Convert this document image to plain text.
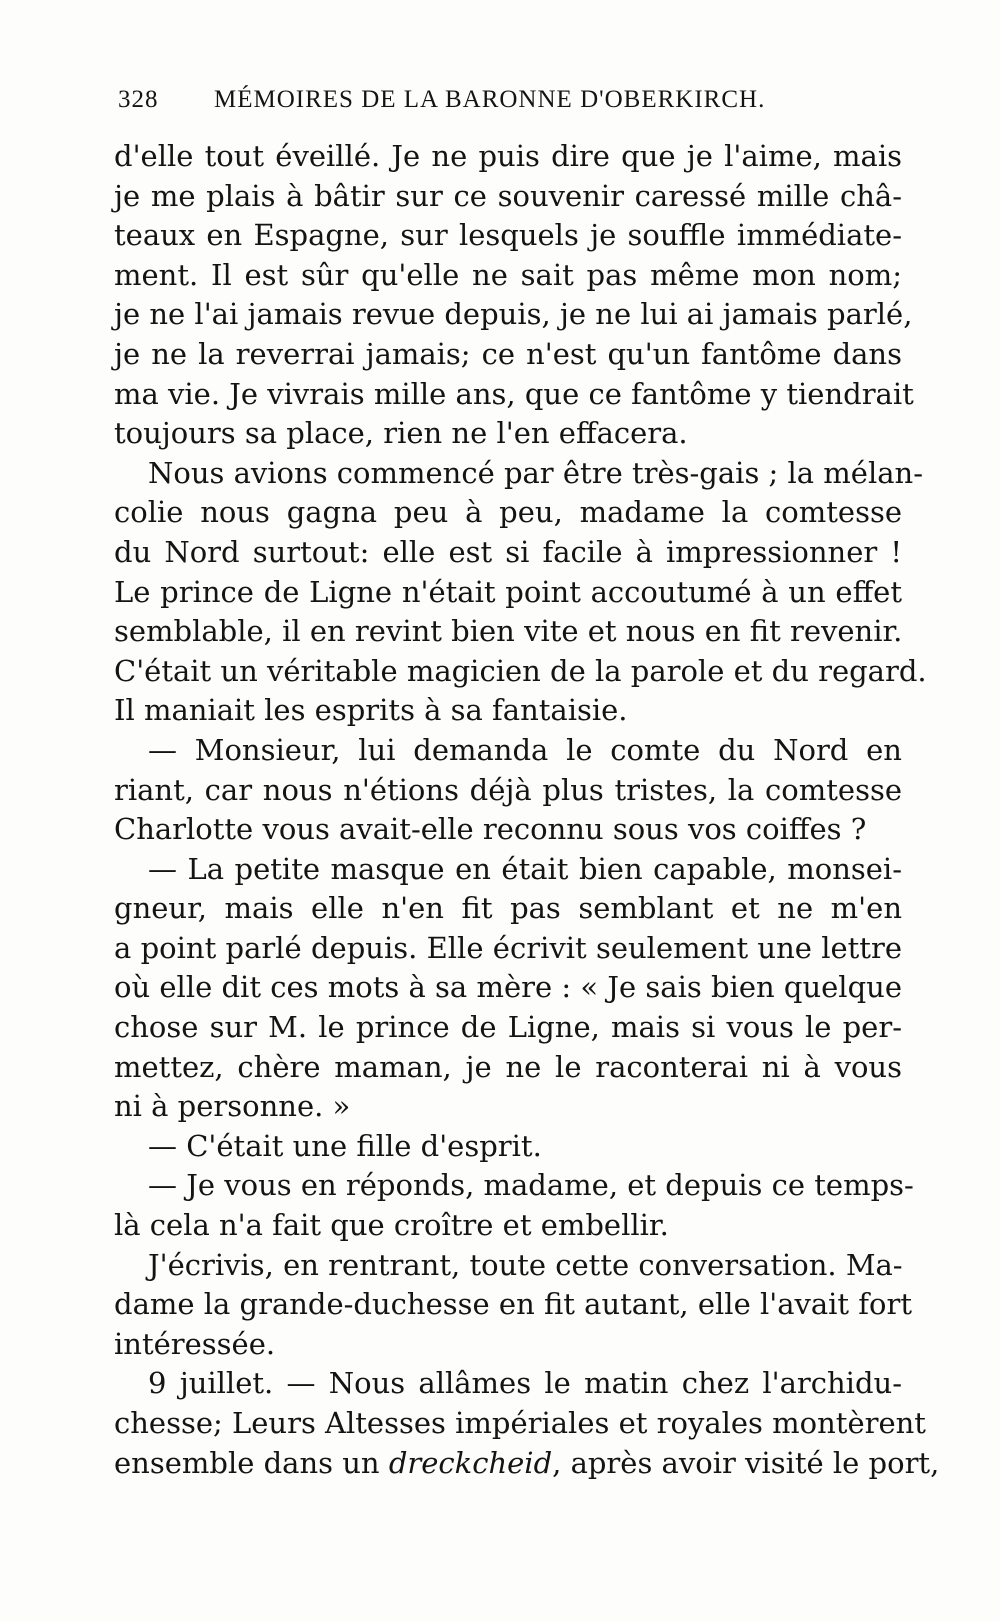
328 MÉMOIRES DE LA BARONNE D'OBERKIRCH.
d'elle tout éveillé. Je ne puis dire que je l'aime, mais
je me plais à bâtir sur ce souvenir caressé mille châ-
teaux en Espagne, sur lesquels je souffle immédiate-
ment. Il est sûr qu'elle ne sait pas même mon nom;
je ne l'ai jamais revue depuis, je ne lui ai jamais parlé,
je ne la reverrai jamais; ce n'est qu'un fantôme dans
ma vie. Je vivrais mille ans, que ce fantôme y tiendrait
toujours sa place, rien ne l'en effacera.
Nous avions commencé par être très-gais ; la mélan-
colie nous gagna peu à peu, madame la comtesse
du Nord surtout: elle est si facile à impressionner !
Le prince de Ligne n'était point accoutumé à un effet
semblable, il en revint bien vite et nous en fit revenir.
C'était un véritable magicien de la parole et du regard.
Il maniait les esprits à sa fantaisie.
— Monsieur, lui demanda le comte du Nord en
riant, car nous n'étions déjà plus tristes, la comtesse
Charlotte vous avait-elle reconnu sous vos coiffes ?
— La petite masque en était bien capable, monsei-
gneur, mais elle n'en fit pas semblant et ne m'en
a point parlé depuis. Elle écrivit seulement une lettre
où elle dit ces mots à sa mère : « Je sais bien quelque
chose sur M. le prince de Ligne, mais si vous le per-
mettez, chère maman, je ne le raconterai ni à vous
ni à personne. »
— C'était une fille d'esprit.
— Je vous en réponds, madame, et depuis ce temps-
là cela n'a fait que croître et embellir.
J'écrivis, en rentrant, toute cette conversation. Ma-
dame la grande-duchesse en fit autant, elle l'avait fort
intéressée.
9 juillet. — Nous allâmes le matin chez l'archidu-
chesse; Leurs Altesses impériales et royales montèrent
ensemble dans un dreckcheid, après avoir visité le port,
